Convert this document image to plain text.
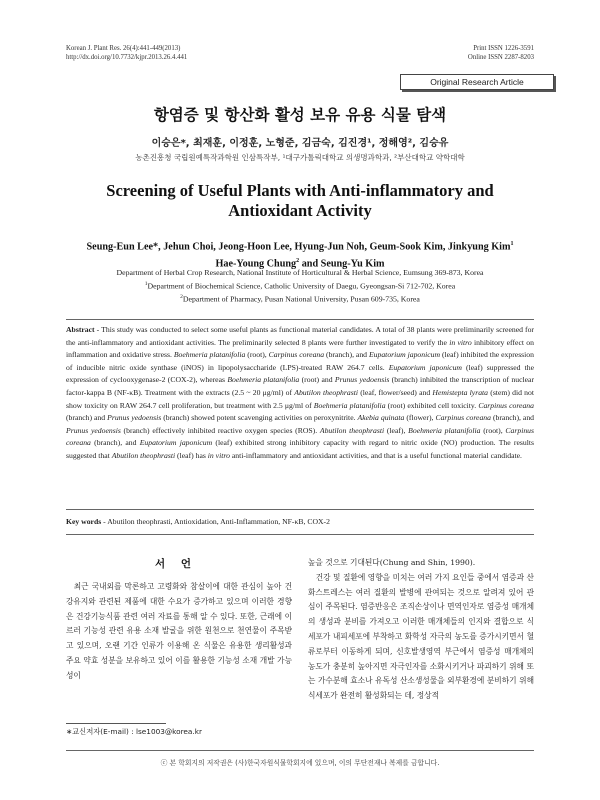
Korean J. Plant Res. 26(4):441-449(2013)
http://dx.doi.org/10.7732/kjpr.2013.26.4.441
Print ISSN 1226-3591
Online ISSN 2287-8203
Original Research Article
항염증 및 항산화 활성 보유 유용 식물 탐색
이승은*, 최재훈, 이정훈, 노형준, 김금숙, 김진경¹, 정해영², 김승유
농촌진흥청 국립원예특작과학원 인삼특작부, ¹대구가톨릭대학교 의생명과학과, ²부산대학교 약학대학
Screening of Useful Plants with Anti-inflammatory and Antioxidant Activity
Seung-Eun Lee*, Jehun Choi, Jeong-Hoon Lee, Hyung-Jun Noh, Geum-Sook Kim, Jinkyung Kim$^1$
Hae-Young Chung$^2$ and Seung-Yu Kim
Department of Herbal Crop Research, National Institute of Horticultural & Herbal Science, Eumsung 369-873, Korea
$^1$Department of Biochemical Science, Catholic University of Daegu, Gyeongsan-Si 712-702, Korea
$^2$Department of Pharmacy, Pusan National University, Pusan 609-735, Korea
Abstract - This study was conducted to select some useful plants as functional material candidates. A total of 38 plants were preliminarily screened for the anti-inflammatory and antioxidant activities. The preliminarily selected 8 plants were further investigated to verify the in vitro inhibitory effect on inflammation and oxidative stress. Boehmeria platanifolia (root), Carpinus coreana (branch), and Eupatorium japonicum (leaf) inhibited the expression of inducible nitric oxide synthase (iNOS) in lipopolysaccharide (LPS)-treated RAW 264.7 cells. Eupatorium japonicum (leaf) suppressed the expression of cyclooxygenase-2 (COX-2), whereas Boehmeria platanifolia (root) and Prunus yedoensis (branch) inhibited the transcription of nuclear factor-kappa B (NF-κB). Treatment with the extracts (2.5 ~ 20 μg/ml) of Abutilon theophrasti (leaf, flower/seed) and Hemistepta lyrata (stem) did not show toxicity on RAW 264.7 cell proliferation, but treatment with 2.5 μg/ml of Boehmeria platanifolia (root) exhibited cell toxicity. Carpinus coreana (branch) and Prunus yedoensis (branch) showed potent scavenging activities on peroxynitrite. Akebia quinata (flower), Carpinus coreana (branch), and Prunus yedoensis (branch) effectively inhibited reactive oxygen species (ROS). Abutilon theophrasti (leaf), Boehmeria platanifolia (root), Carpinus coreana (branch), and Eupatorium japonicum (leaf) exhibited strong inhibitory capacity with regard to nitric oxide (NO) production. The results suggested that Abutilon theophrasti (leaf) has in vitro anti-inflammatory and antioxidant activities, and that is a useful functional material candidate.
Key words - Abutilon theophrasti, Antioxidation, Anti-Inflammation, NF-κB, COX-2
서 언
최근 국내외를 막론하고 고령화와 참살이에 대한 관심이 높아 건강유지와 관련된 제품에 대한 수요가 증가하고 있으며 이러한 경향은 건강기능식품 관련 여러 자료를 통해 알 수 있다. 또한, 근래에 이르러 기능성 관련 유용 소재 발굴을 위한 원천으로 천연물이 주목받고 있으며, 오랜 기간 인류가 이용해 온 식물은 유용한 생리활성과 주요 약효 성분을 보유하고 있어 이를 활용한 기능성 소재 개발 가능성이

높을 것으로 기대된다(Chung and Shin, 1990).

건강 및 질환에 영향을 미치는 여러 가지 요인들 중에서 염증과 산화스트레스는 여러 질환의 발병에 관여되는 것으로 알려져 있어 관심이 주목된다. 염증반응은 조직손상이나 면역인자로 염증성 매개체의 생성과 분비를 가져오고 이러한 매개체들의 인지와 결합으로 식세포가 내피세포에 부착하고 화학성 자극의 농도를 증가시키면서 혈류로부터 이동하게 되며, 신호발생영역 부근에서 염증성 매개체의 농도가 충분히 높아지면 자극인자를 소화시키거나 파괴하기 위해 또는 가수분해 효소나 유독성 산소생성물을 외부환경에 분비하기 위해 식세포가 완전히 활성화되는 데, 정상적

∗교신저자(E-mail) : lse1003@korea.kr
ⓒ 본 학회지의 저작권은 (사)한국자원식물학회지에 있으며, 이의 무단전재나 복제를 금합니다.
